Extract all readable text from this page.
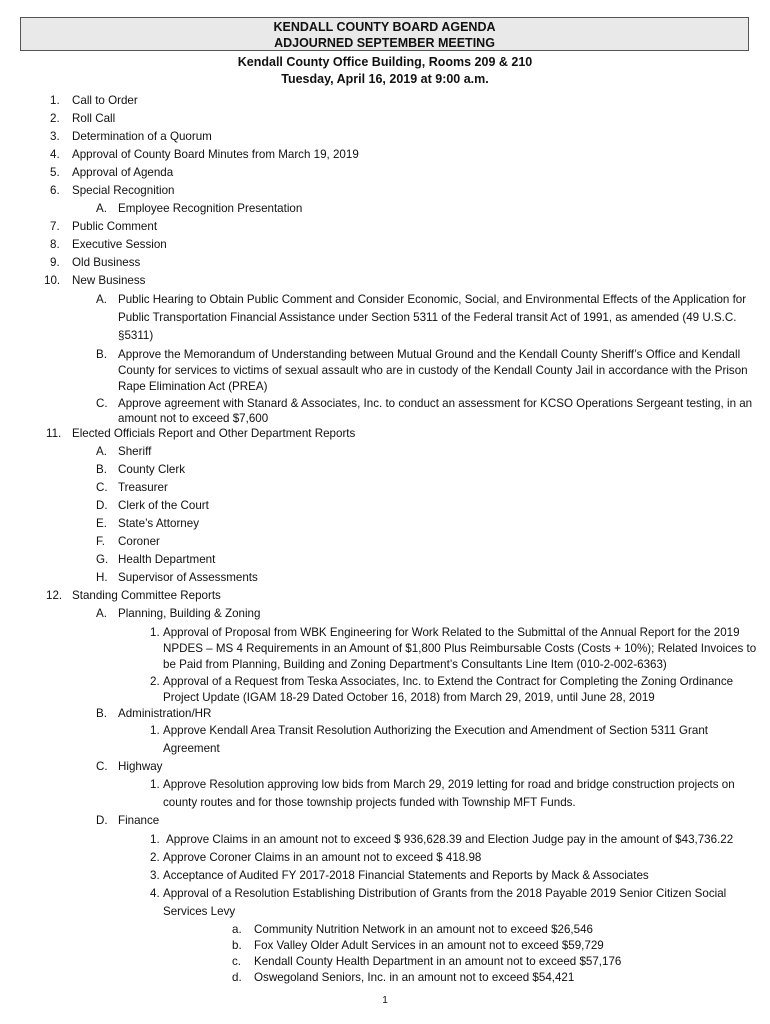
KENDALL COUNTY BOARD AGENDA
ADJOURNED SEPTEMBER MEETING
Kendall County Office Building, Rooms 209 & 210
Tuesday, April 16, 2019 at 9:00 a.m.
1. Call to Order
2. Roll Call
3. Determination of a Quorum
4. Approval of County Board Minutes from March 19, 2019
5. Approval of Agenda
6. Special Recognition
A. Employee Recognition Presentation
7. Public Comment
8. Executive Session
9. Old Business
10. New Business
A. Public Hearing to Obtain Public Comment and Consider Economic, Social, and Environmental Effects of the Application for
Public Transportation Financial Assistance under Section 5311 of the Federal transit Act of 1991, as amended (49 U.S.C.
§5311)
B. Approve the Memorandum of Understanding between Mutual Ground and the Kendall County Sheriff’s Office and Kendall
County for services to victims of sexual assault who are in custody of the Kendall County Jail in accordance with the Prison
Rape Elimination Act (PREA)
C. Approve agreement with Stanard & Associates, Inc. to conduct an assessment for KCSO Operations Sergeant testing, in an
amount not to exceed $7,600
11. Elected Officials Report and Other Department Reports
A. Sheriff
B. County Clerk
C. Treasurer
D. Clerk of the Court
E. State’s Attorney
F. Coroner
G. Health Department
H. Supervisor of Assessments
12. Standing Committee Reports
A. Planning, Building & Zoning
1. Approval of Proposal from WBK Engineering for Work Related to the Submittal of the Annual Report for the 2019
NPDES – MS 4 Requirements in an Amount of $1,800 Plus Reimbursable Costs (Costs + 10%); Related Invoices to
be Paid from Planning, Building and Zoning Department’s Consultants Line Item (010-2-002-6363)
2. Approval of a Request from Teska Associates, Inc. to Extend the Contract for Completing the Zoning Ordinance
Project Update (IGAM 18-29 Dated October 16, 2018) from March 29, 2019, until June 28, 2019
B. Administration/HR
1. Approve Kendall Area Transit Resolution Authorizing the Execution and Amendment of Section 5311 Grant
Agreement
C. Highway
1. Approve Resolution approving low bids from March 29, 2019 letting for road and bridge construction projects on
county routes and for those township projects funded with Township MFT Funds.
D. Finance
1. Approve Claims in an amount not to exceed $ 936,628.39 and Election Judge pay in the amount of $43,736.22
2. Approve Coroner Claims in an amount not to exceed $ 418.98
3. Acceptance of Audited FY 2017-2018 Financial Statements and Reports by Mack & Associates
4. Approval of a Resolution Establishing Distribution of Grants from the 2018 Payable 2019 Senior Citizen Social
Services Levy
a. Community Nutrition Network in an amount not to exceed $26,546
b. Fox Valley Older Adult Services in an amount not to exceed $59,729
c. Kendall County Health Department in an amount not to exceed $57,176
d. Oswegoland Seniors, Inc. in an amount not to exceed $54,421
1
